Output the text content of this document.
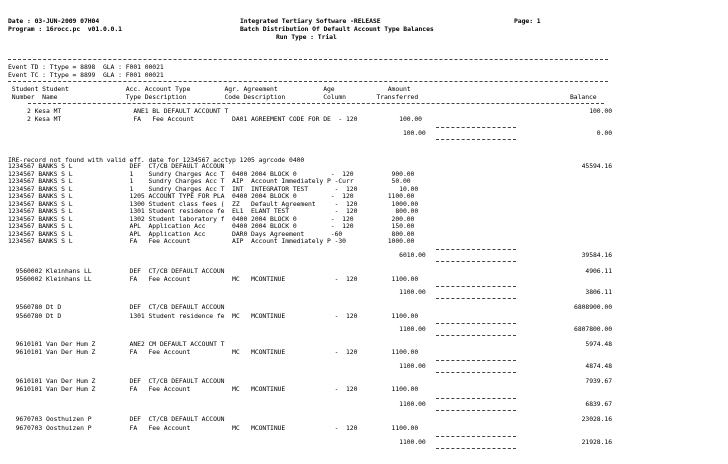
Date : 03-JUN-2009 07H04
Program : 16rocc.pc  v01.0.0.1
Integrated Tertiary Software -RELEASE
Batch Distribution Of Default Account Type Balances
Run Type : Trial
Page: 1
Event TD : Ttype = 8898  GLA : F001 00021
Event TC : Ttype = 8899  GLA : F001 00021
Student Student               Acc. Account Type         Agr. Agreement            Age              Amount
Number  Name                  Type Description          Code Description          Column        Transferred	Balance
2 Kesa MT                   ANE1 BL DEFAULT ACCOUNT T	100.00
2 Kesa MT                   FA   Fee Account          DA01 AGREEMENT CODE FOR DE  - 120           100.00
100.00	0.00
IRE-record not found with valid eff. date for 1234567 acctyp 1205 agrcode 0400
1234567 BANKS S L               DEF  CT/CB DEFAULT ACCOUN	45594.16
1234567 BANKS S L               1    Sundry Charges Acc T  0400 2004 BLOCK 0         -  120          900.00
1234567 BANKS S L               1    Sundry Charges Acc T  AIP  Account Immediately P -Curr          50.00
1234567 BANKS S L               1    Sundry Charges Acc T  INT  INTEGRATOR TEST       -  120           10.00
1234567 BANKS S L               1205 ACCOUNT TYPE FOR PLA  0400 2004 BLOCK 0         -  120         1100.00
1234567 BANKS S L               1300 Student class fees (  ZZ   Default Agreement     -  120         1000.00
1234567 BANKS S L               1301 Student residence fe  EL1  ELANT TEST            -  120          800.00
1234567 BANKS S L               1302 Student laboratory f  0400 2004 BLOCK 0         -  120          200.00
1234567 BANKS S L               APL  Application Acc       0400 2004 BLOCK 0         -  120          150.00
1234567 BANKS S L               APL  Application Acc       DAR0 Days Agreement       -60             800.00
1234567 BANKS S L               FA   Fee Account           AIP  Account Immediately P -30           1000.00
6010.00	39584.16
9560002 Kleinhans LL          DEF  CT/CB DEFAULT ACCOUN	4906.11
9560002 Kleinhans LL          FA   Fee Account           MC   MCONTINUE             -  120         1100.00
1100.00	3806.11
9560780 Dt D                  DEF  CT/CB DEFAULT ACCOUN	6808900.00
9560780 Dt D                  1301 Student residence fe  MC   MCONTINUE             -  120         1100.00
1100.00	6807800.00
9610101 Van Der Hum Z         ANE2 CM DEFAULT ACCOUNT T	5974.48
9610101 Van Der Hum Z         FA   Fee Account           MC   MCONTINUE             -  120         1100.00
1100.00	4874.48
9610101 Van Der Hum Z         DEF  CT/CB DEFAULT ACCOUN	7939.67
9610101 Van Der Hum Z         FA   Fee Account           MC   MCONTINUE             -  120         1100.00
1100.00	6839.67
9670703 Oosthuizen P          DEF  CT/CB DEFAULT ACCOUN	23028.16
9670703 Oosthuizen P          FA   Fee Account           MC   MCONTINUE             -  120         1100.00
1100.00	21928.16
